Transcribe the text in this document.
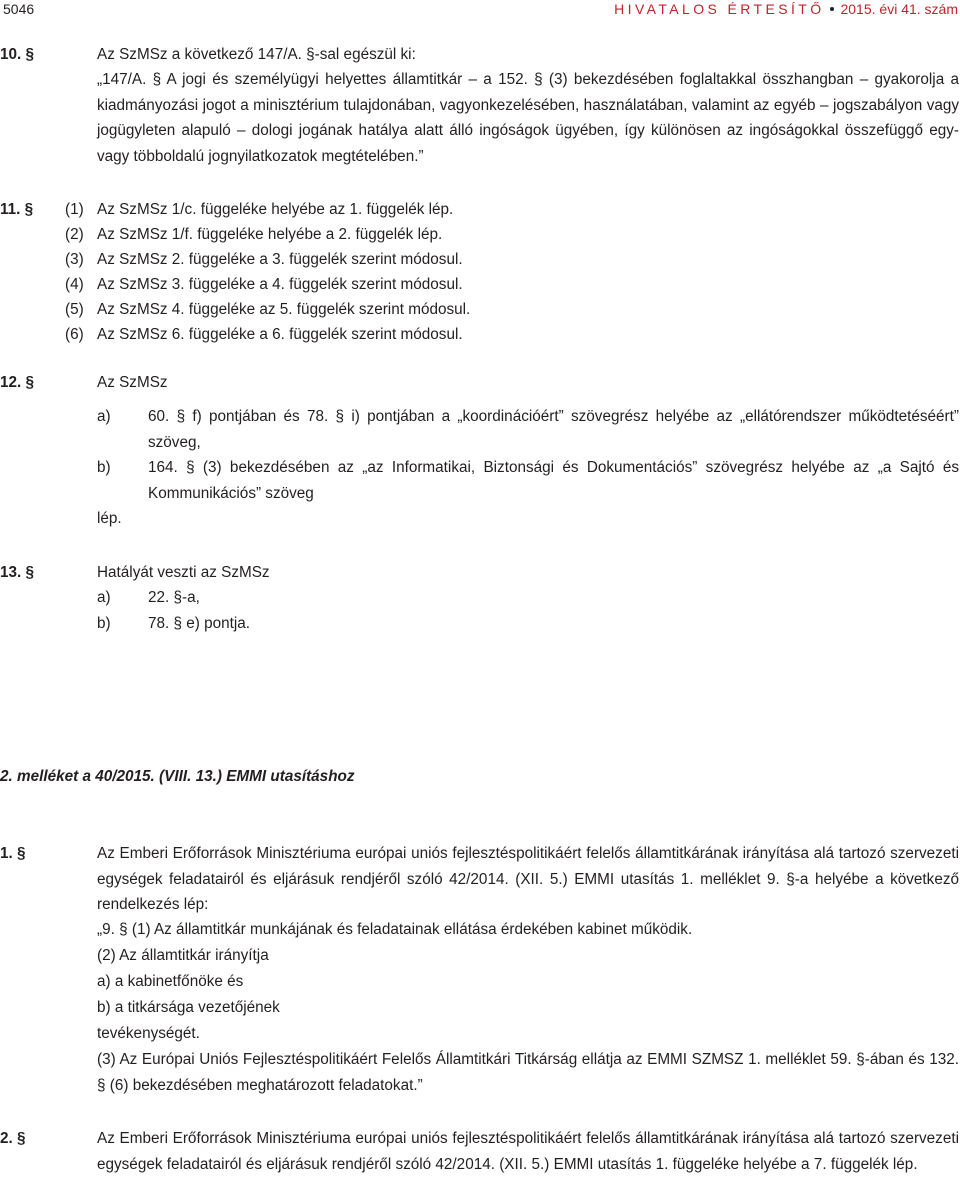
5046	HIVATALOS ÉRTESÍTŐ 2015. évi 41. szám
10. §	Az SzMSz a következő 147/A. §-sal egészül ki:
„147/A. § A jogi és személyügyi helyettes államtitkár – a 152. § (3) bekezdésében foglaltakkal összhangban – gyakorolja a kiadmányozási jogot a minisztérium tulajdonában, vagyonkezelésében, használatában, valamint az egyéb – jogszabályon vagy jogügyleten alapuló – dologi jogának hatálya alatt álló ingóságok ügyében, így különösen az ingóságokkal összefüggő egy- vagy többoldalú jognyilatkozatok megtételében.”
11. § (1) Az SzMSz 1/c. függeléke helyébe az 1. függelék lép.
(2) Az SzMSz 1/f. függeléke helyébe a 2. függelék lép.
(3) Az SzMSz 2. függeléke a 3. függelék szerint módosul.
(4) Az SzMSz 3. függeléke a 4. függelék szerint módosul.
(5) Az SzMSz 4. függeléke az 5. függelék szerint módosul.
(6) Az SzMSz 6. függeléke a 6. függelék szerint módosul.
12. §	Az SzMSz
a) 60. § f) pontjában és 78. § i) pontjában a „koordinációért” szövegrész helyébe az „ellátórendszer működtetéséért” szöveg,
b) 164. § (3) bekezdésében az „az Informatikai, Biztonsági és Dokumentációs” szövegrész helyébe az „a Sajtó és Kommunikációs” szöveg
lép.
13. §	Hatályát veszti az SzMSz
a) 22. §-a,
b) 78. § e) pontja.
2. melléket a 40/2015. (VIII. 13.) EMMI utasításhoz
1. §	Az Emberi Erőforrások Minisztériuma európai uniós fejlesztéspolitikáért felelős államtitkárának irányítása alá tartozó szervezeti egységek feladatairól és eljárásuk rendjéről szóló 42/2014. (XII. 5.) EMMI utasítás 1. melléklet 9. §-a helyébe a következő rendelkezés lép:
„9. § (1) Az államtitkár munkájának és feladatainak ellátása érdekében kabinet működik.
(2) Az államtitkár irányítja
a) a kabinetfőnöke és
b) a titkársága vezetőjének
tevékenységét.
(3) Az Európai Uniós Fejlesztéspolitikáért Felelős Államtitkári Titkárság ellátja az EMMI SZMSZ 1. melléklet 59. §-ában és 132. § (6) bekezdésében meghatározott feladatokat.”
2. §	Az Emberi Erőforrások Minisztériuma európai uniós fejlesztéspolitikáért felelős államtitkárának irányítása alá tartozó szervezeti egységek feladatairól és eljárásuk rendjéről szóló 42/2014. (XII. 5.) EMMI utasítás 1. függeléke helyébe a 7. függelék lép.
